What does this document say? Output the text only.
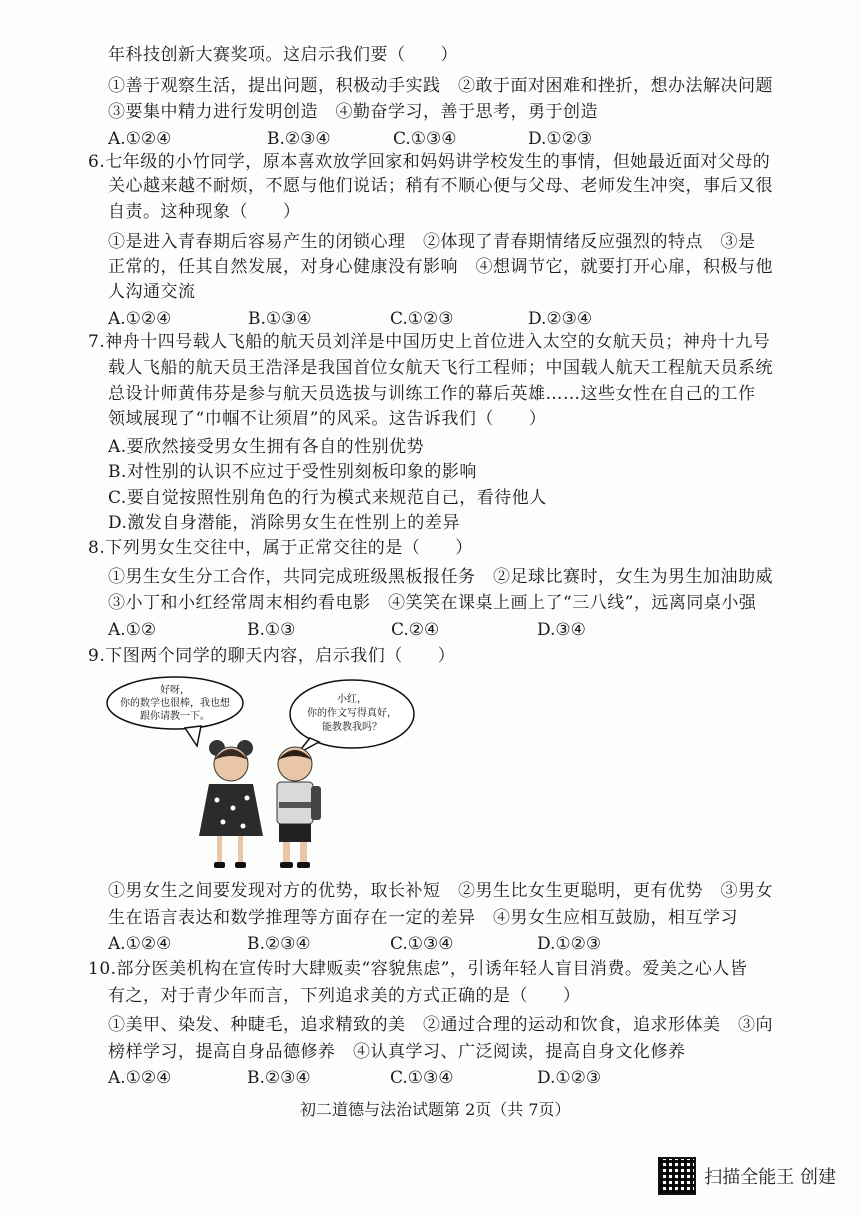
年科技创新大赛奖项。这启示我们要（　　）
①善于观察生活，提出问题，积极动手实践　②敢于面对困难和挫折，想办法解决问题
③要集中精力进行发明创造　④勤奋学习，善于思考，勇于创造
A.①②④	B.②③④	C.①③④	D.①②③
6.七年级的小竹同学，原本喜欢放学回家和妈妈讲学校发生的事情，但她最近面对父母的
关心越来越不耐烦，不愿与他们说话；稍有不顺心便与父母、老师发生冲突，事后又很
自责。这种现象（　　）
①是进入青春期后容易产生的闭锁心理　②体现了青春期情绪反应强烈的特点　③是
正常的，任其自然发展，对身心健康没有影响　④想调节它，就要打开心扉，积极与他
人沟通交流
A.①②④	B.①③④	C.①②③	D.②③④
7.神舟十四号载人飞船的航天员刘洋是中国历史上首位进入太空的女航天员；神舟十九号
载人飞船的航天员王浩泽是我国首位女航天飞行工程师；中国载人航天工程航天员系统
总设计师黄伟芬是参与航天员选拔与训练工作的幕后英雄……这些女性在自己的工作
领域展现了“巾帼不让须眉”的风采。这告诉我们（　　）
A.要欣然接受男女生拥有各自的性别优势
B.对性别的认识不应过于受性别刻板印象的影响
C.要自觉按照性别角色的行为模式来规范自己，看待他人
D.激发自身潜能，消除男女生在性别上的差异
8.下列男女生交往中，属于正常交往的是（　　）
①男生女生分工合作，共同完成班级黑板报任务　②足球比赛时，女生为男生加油助威
③小丁和小红经常周末相约看电影　④笑笑在课桌上画上了“三八线”，远离同桌小强
A.①②	B.①③	C.②④	D.③④
9.下图两个同学的聊天内容，启示我们（　　）
好呀，
你的数学也很棒，我也想
跟你请教一下。
小红，
你的作文写得真好，
能教教我吗？
①男女生之间要发现对方的优势，取长补短　②男生比女生更聪明，更有优势　③男女
生在语言表达和数学推理等方面存在一定的差异　④男女生应相互鼓励，相互学习
A.①②④	B.②③④	C.①③④	D.①②③
10.部分医美机构在宣传时大肆贩卖“容貌焦虑”，引诱年轻人盲目消费。爱美之心人皆
有之，对于青少年而言，下列追求美的方式正确的是（　　）
①美甲、染发、种睫毛，追求精致的美　②通过合理的运动和饮食，追求形体美　③向
榜样学习，提高自身品德修养　④认真学习、广泛阅读，提高自身文化修养
A.①②④	B.②③④	C.①③④	D.①②③
初二道德与法治试题第 2页（共 7页）
扫描全能王 创建
